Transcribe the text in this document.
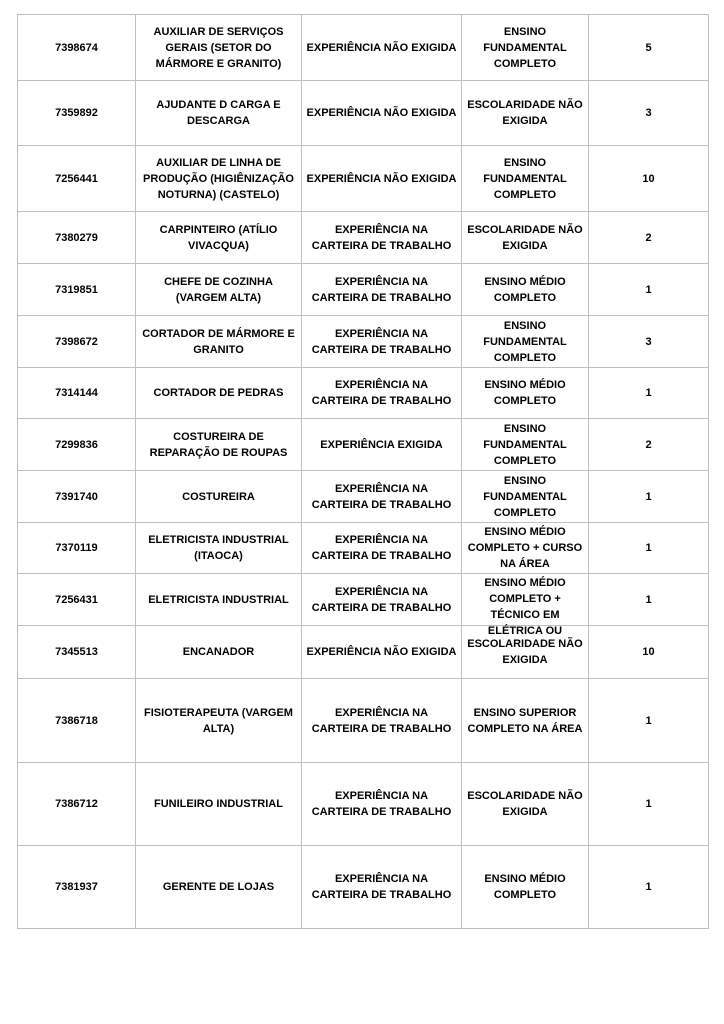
7398674	AUXILIAR DE SERVIÇOS GERAIS (SETOR DO MÁRMORE E GRANITO)	EXPERIÊNCIA NÃO EXIGIDA	ENSINO FUNDAMENTAL COMPLETO	5
7359892	AJUDANTE D CARGA E DESCARGA	EXPERIÊNCIA NÃO EXIGIDA	ESCOLARIDADE NÃO EXIGIDA	3
7256441	AUXILIAR DE LINHA DE PRODUÇÃO (HIGIÊNIZAÇÃO NOTURNA) (CASTELO)	EXPERIÊNCIA NÃO EXIGIDA	ENSINO FUNDAMENTAL COMPLETO	10
7380279	CARPINTEIRO (ATÍLIO VIVACQUA)	EXPERIÊNCIA NA CARTEIRA DE TRABALHO	ESCOLARIDADE NÃO EXIGIDA	2
7319851	CHEFE DE COZINHA (VARGEM ALTA)	EXPERIÊNCIA NA CARTEIRA DE TRABALHO	ENSINO MÉDIO COMPLETO	1
7398672	CORTADOR DE MÁRMORE E GRANITO	EXPERIÊNCIA NA CARTEIRA DE TRABALHO	ENSINO FUNDAMENTAL COMPLETO	3
7314144	CORTADOR DE PEDRAS	EXPERIÊNCIA NA CARTEIRA DE TRABALHO	ENSINO MÉDIO COMPLETO	1
7299836	COSTUREIRA DE REPARAÇÃO DE ROUPAS	EXPERIÊNCIA EXIGIDA	ENSINO FUNDAMENTAL COMPLETO	2
7391740	COSTUREIRA	EXPERIÊNCIA NA CARTEIRA DE TRABALHO	ENSINO FUNDAMENTAL COMPLETO	1
7370119	ELETRICISTA INDUSTRIAL (ITAOCA)	EXPERIÊNCIA NA CARTEIRA DE TRABALHO	ENSINO MÉDIO COMPLETO + CURSO NA ÁREA	1
7256431	ELETRICISTA INDUSTRIAL	EXPERIÊNCIA NA CARTEIRA DE TRABALHO	ENSINO MÉDIO COMPLETO + TÉCNICO EM ELÉTRICA OU	1
7345513	ENCANADOR	EXPERIÊNCIA NÃO EXIGIDA	ESCOLARIDADE NÃO EXIGIDA	10
7386718	FISIOTERAPEUTA (VARGEM ALTA)	EXPERIÊNCIA NA CARTEIRA DE TRABALHO	ENSINO SUPERIOR COMPLETO NA ÁREA	1
7386712	FUNILEIRO INDUSTRIAL	EXPERIÊNCIA NA CARTEIRA DE TRABALHO	ESCOLARIDADE NÃO EXIGIDA	1
7381937	GERENTE DE LOJAS	EXPERIÊNCIA NA CARTEIRA DE TRABALHO	ENSINO MÉDIO COMPLETO	1
